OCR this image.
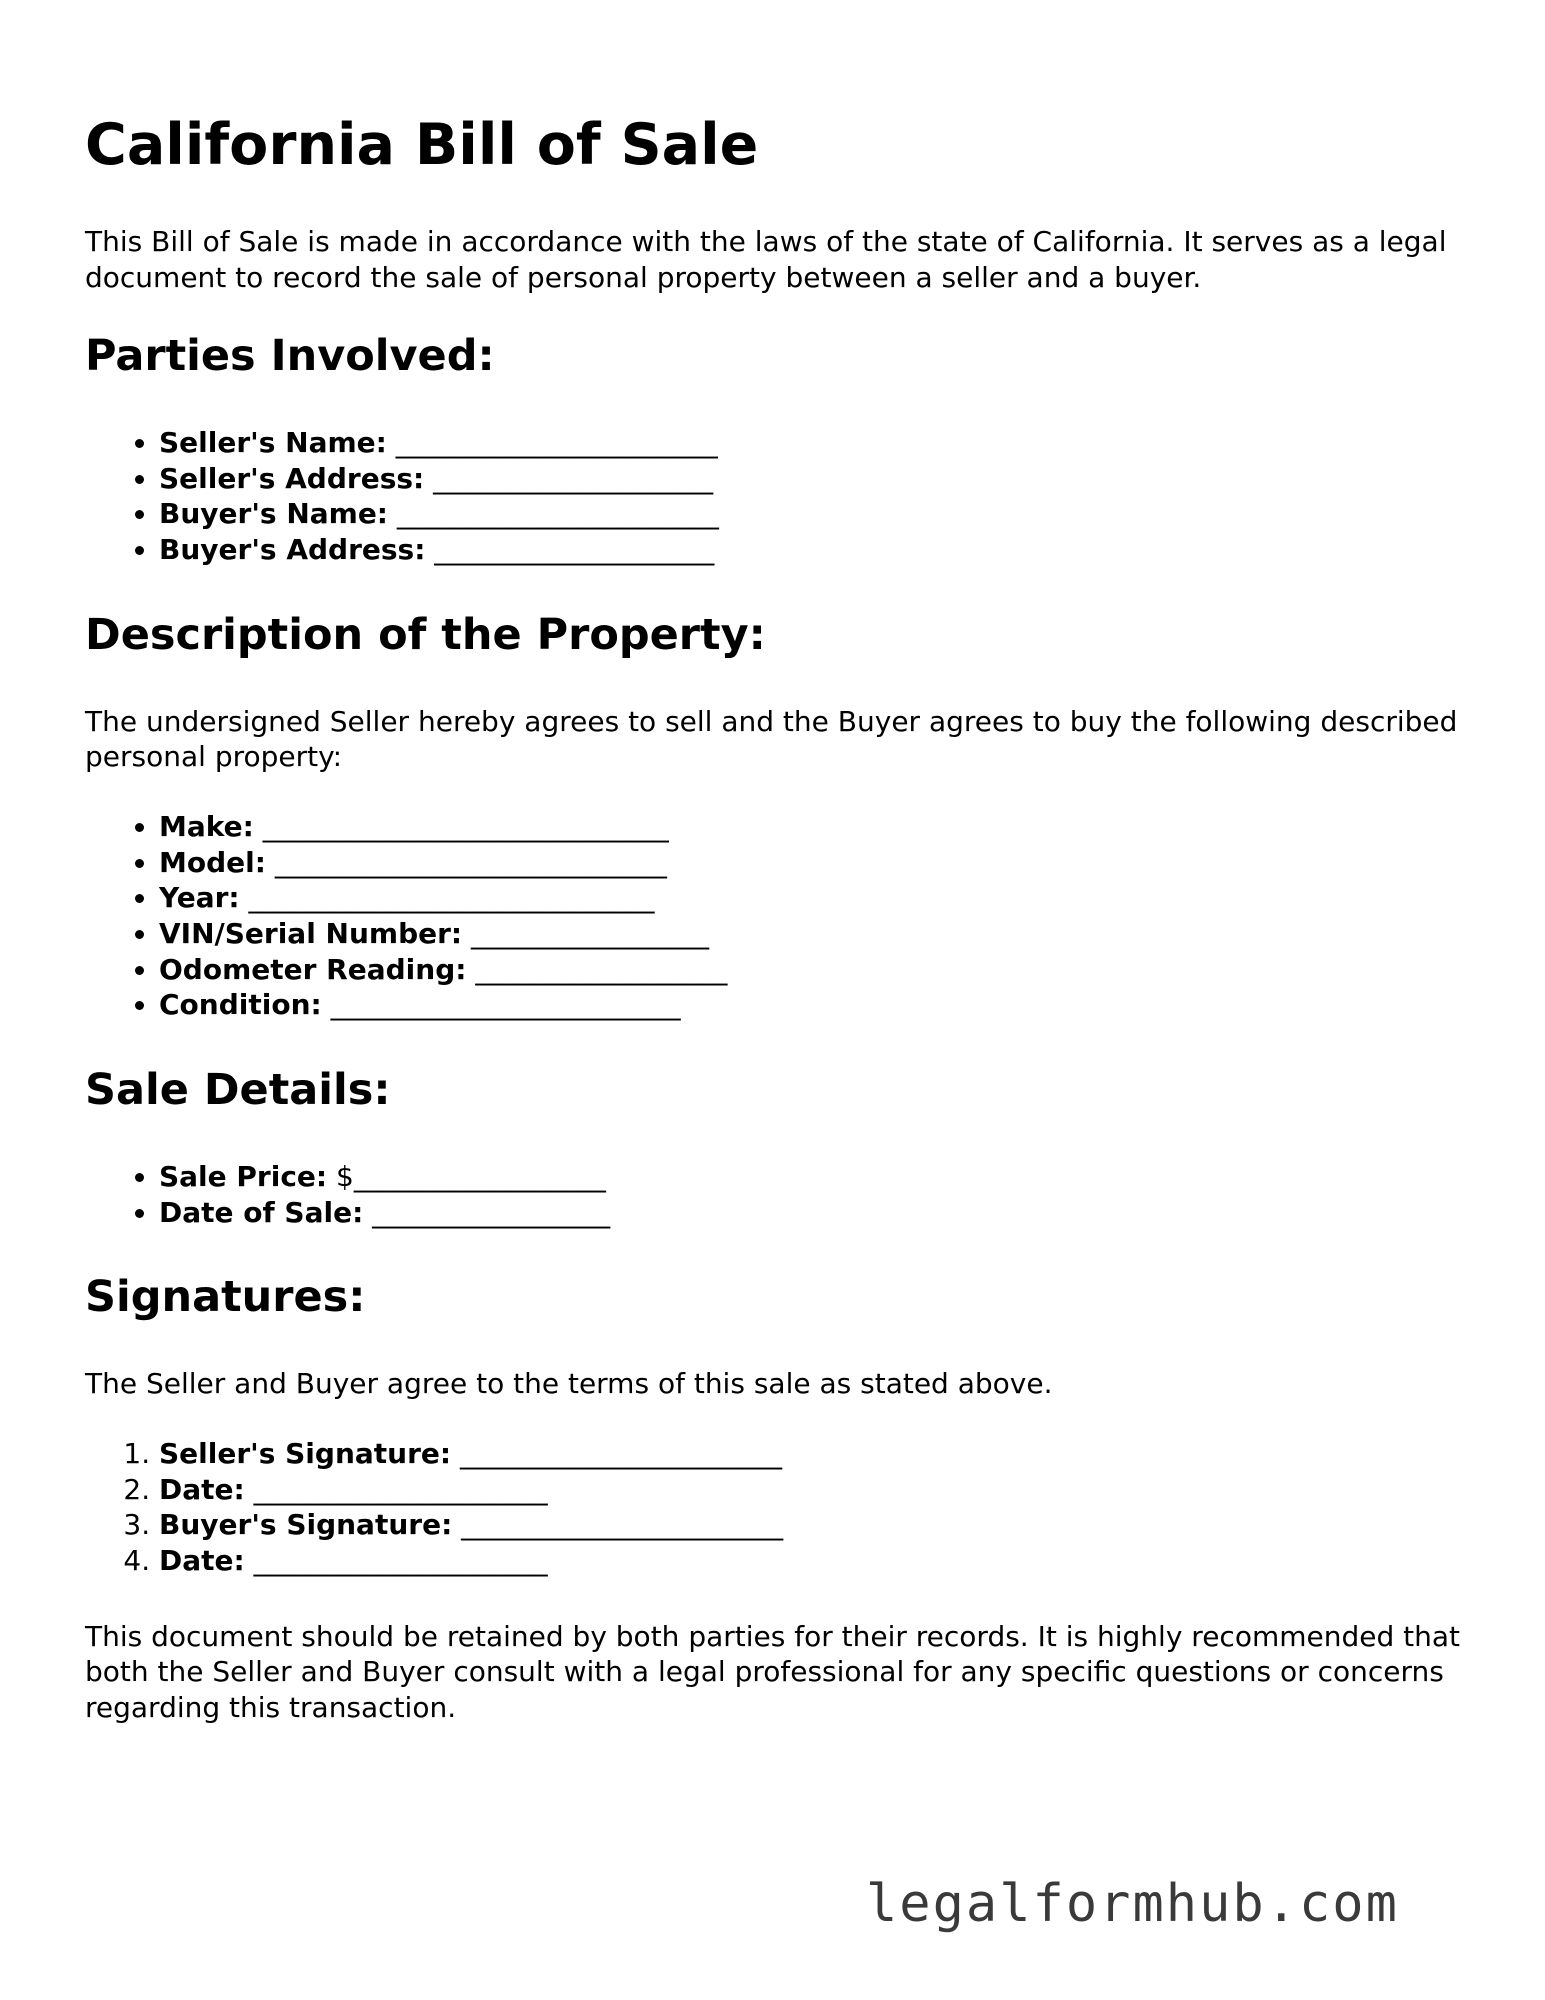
California Bill of Sale

This Bill of Sale is made in accordance with the laws of the state of California. It serves as a legal document to record the sale of personal property between a seller and a buyer.

Parties Involved:
• Seller's Name: _______________________
• Seller's Address: ____________________
• Buyer's Name: _______________________
• Buyer's Address: ____________________
Description of the Property:

The undersigned Seller hereby agrees to sell and the Buyer agrees to buy the following described personal property:

• Make: _____________________________
• Model: ____________________________
• Year: _____________________________
• VIN/Serial Number: _________________
• Odometer Reading: __________________
• Condition: _________________________
Sale Details:
• Sale Price: $__________________
• Date of Sale: _________________
Signatures:

The Seller and Buyer agree to the terms of this sale as stated above.

1. Seller's Signature: _______________________
2. Date: _____________________
3. Buyer's Signature: _______________________
4. Date: _____________________

This document should be retained by both parties for their records. It is highly recommended that both the Seller and Buyer consult with a legal professional for any specific questions or concerns regarding this transaction.

legalformhub.com
